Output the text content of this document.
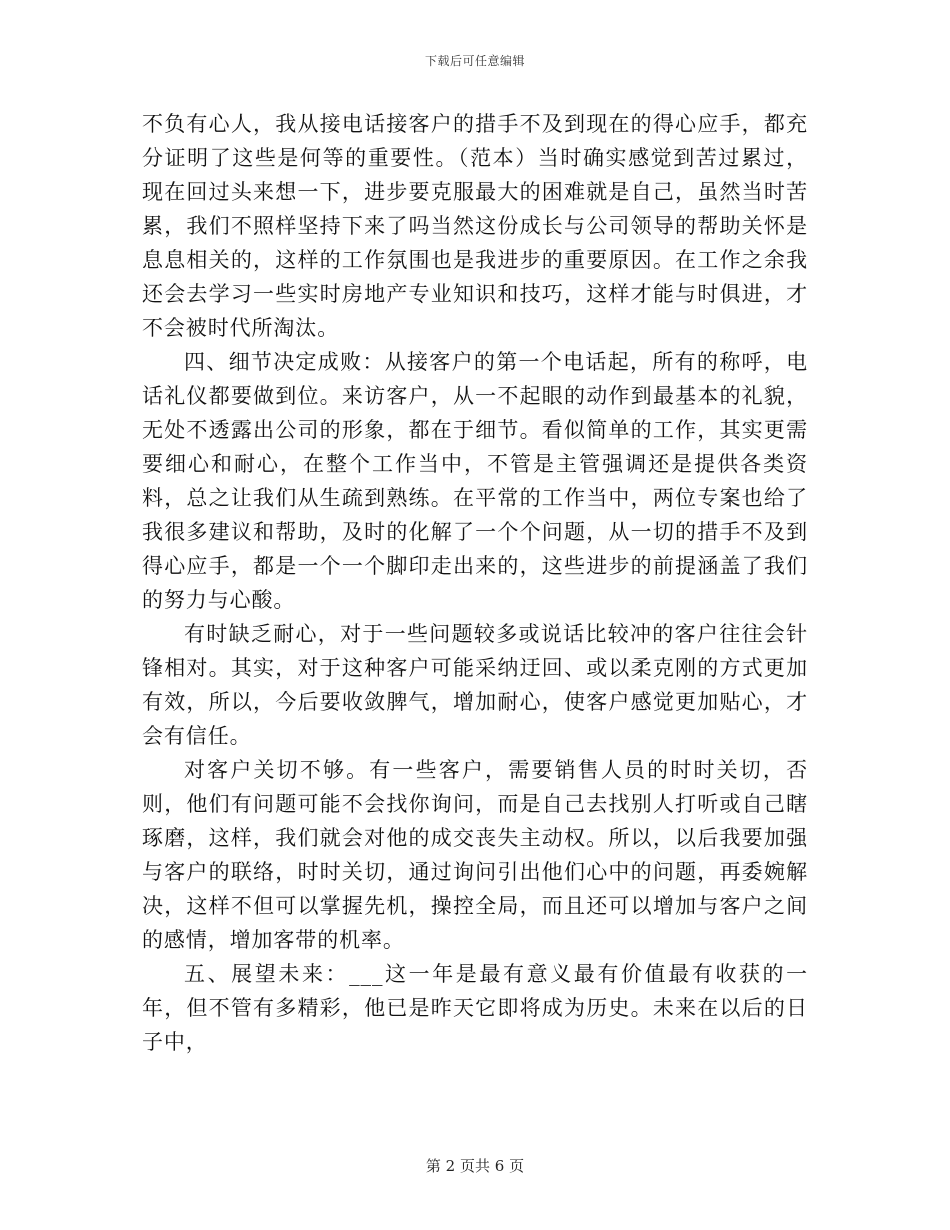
下载后可任意编辑

不负有心人，我从接电话接客户的措手不及到现在的得心应手，都充分证明了这些是何等的重要性。（范本）当时确实感觉到苦过累过，现在回过头来想一下，进步要克服最大的困难就是自己，虽然当时苦累，我们不照样坚持下来了吗当然这份成长与公司领导的帮助关怀是息息相关的，这样的工作氛围也是我进步的重要原因。在工作之余我还会去学习一些实时房地产专业知识和技巧，这样才能与时俱进，才不会被时代所淘汰。

四、细节决定成败：从接客户的第一个电话起，所有的称呼，电话礼仪都要做到位。来访客户，从一不起眼的动作到最基本的礼貌，无处不透露出公司的形象，都在于细节。看似简单的工作，其实更需要细心和耐心，在整个工作当中，不管是主管强调还是提供各类资料，总之让我们从生疏到熟练。在平常的工作当中，两位专案也给了我很多建议和帮助，及时的化解了一个个问题，从一切的措手不及到得心应手，都是一个一个脚印走出来的，这些进步的前提涵盖了我们的努力与心酸。

有时缺乏耐心，对于一些问题较多或说话比较冲的客户往往会针锋相对。其实，对于这种客户可能采纳迂回、或以柔克刚的方式更加有效，所以，今后要收敛脾气，增加耐心，使客户感觉更加贴心，才会有信任。

对客户关切不够。有一些客户，需要销售人员的时时关切，否则，他们有问题可能不会找你询问，而是自己去找别人打听或自己瞎琢磨，这样，我们就会对他的成交丧失主动权。所以，以后我要加强与客户的联络，时时关切，通过询问引出他们心中的问题，再委婉解决，这样不但可以掌握先机，操控全局，而且还可以增加与客户之间的感情，增加客带的机率。

五、展望未来：___这一年是最有意义最有价值最有收获的一年，但不管有多精彩，他已是昨天它即将成为历史。未来在以后的日子中，

第 2 页共 6 页
